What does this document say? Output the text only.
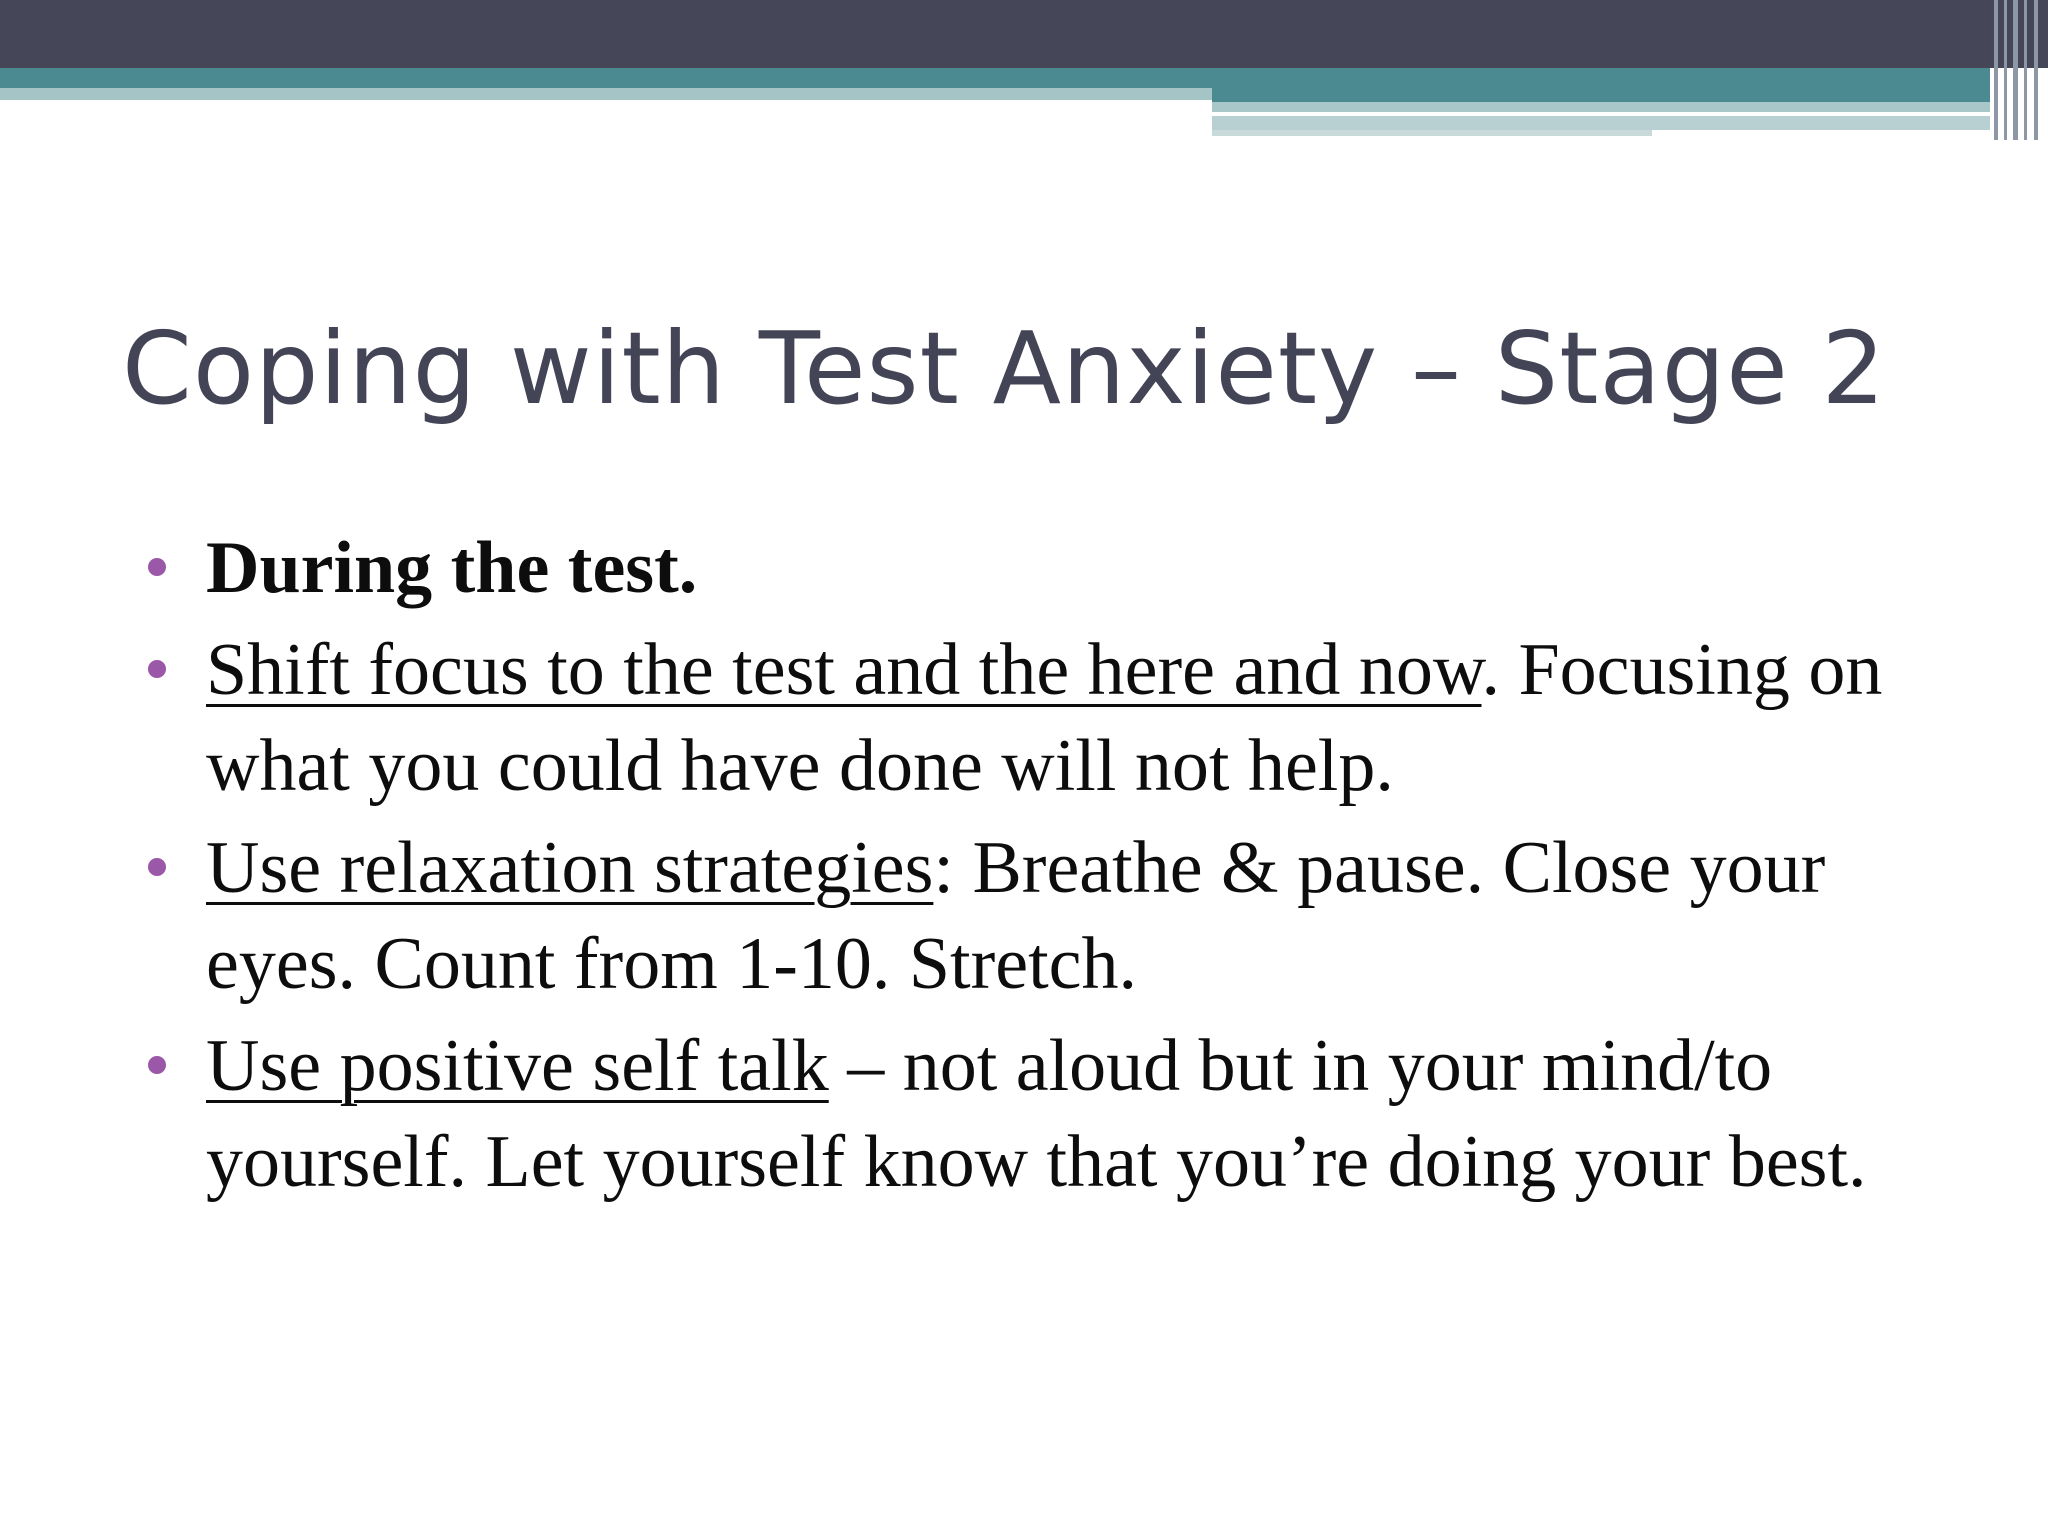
Coping with Test Anxiety – Stage 2
During the test.
Shift focus to the test and the here and now. Focusing on what you could have done will not help.
Use relaxation strategies: Breathe & pause. Close your eyes. Count from 1-10. Stretch.
Use positive self talk – not aloud but in your mind/to yourself. Let yourself know that you’re doing your best.
